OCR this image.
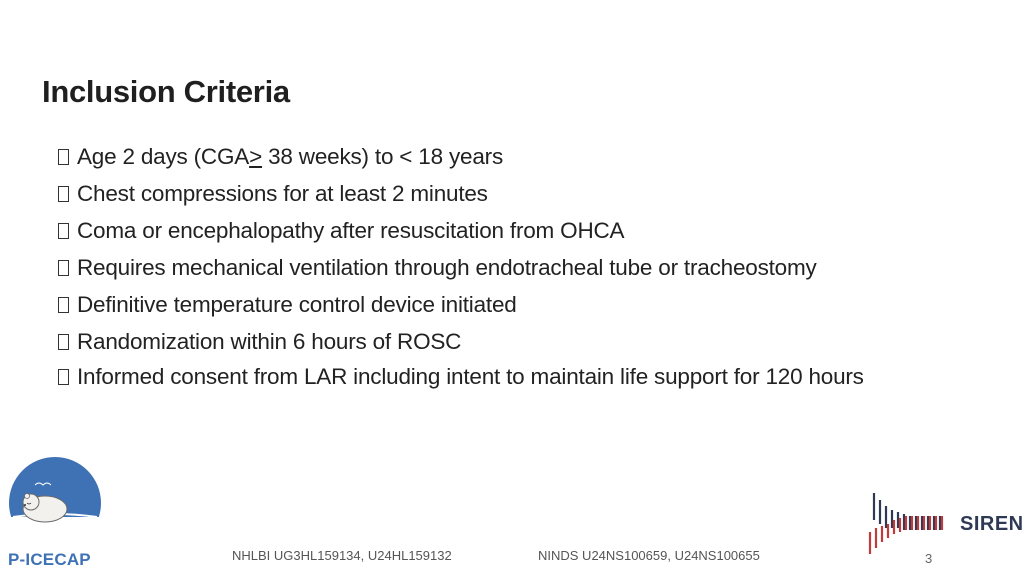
Inclusion Criteria
Age 2 days (CGA> 38 weeks) to < 18 years
Chest compressions for at least 2 minutes
Coma or encephalopathy after resuscitation from OHCA
Requires mechanical ventilation through endotracheal tube or tracheostomy
Definitive temperature control device initiated
Randomization within 6 hours of ROSC
Informed consent from LAR including intent to maintain life support for 120 hours
P-ICECAP	NHLBI UG3HL159134, U24HL159132	NINDS U24NS100659, U24NS100655
SIREN
3
